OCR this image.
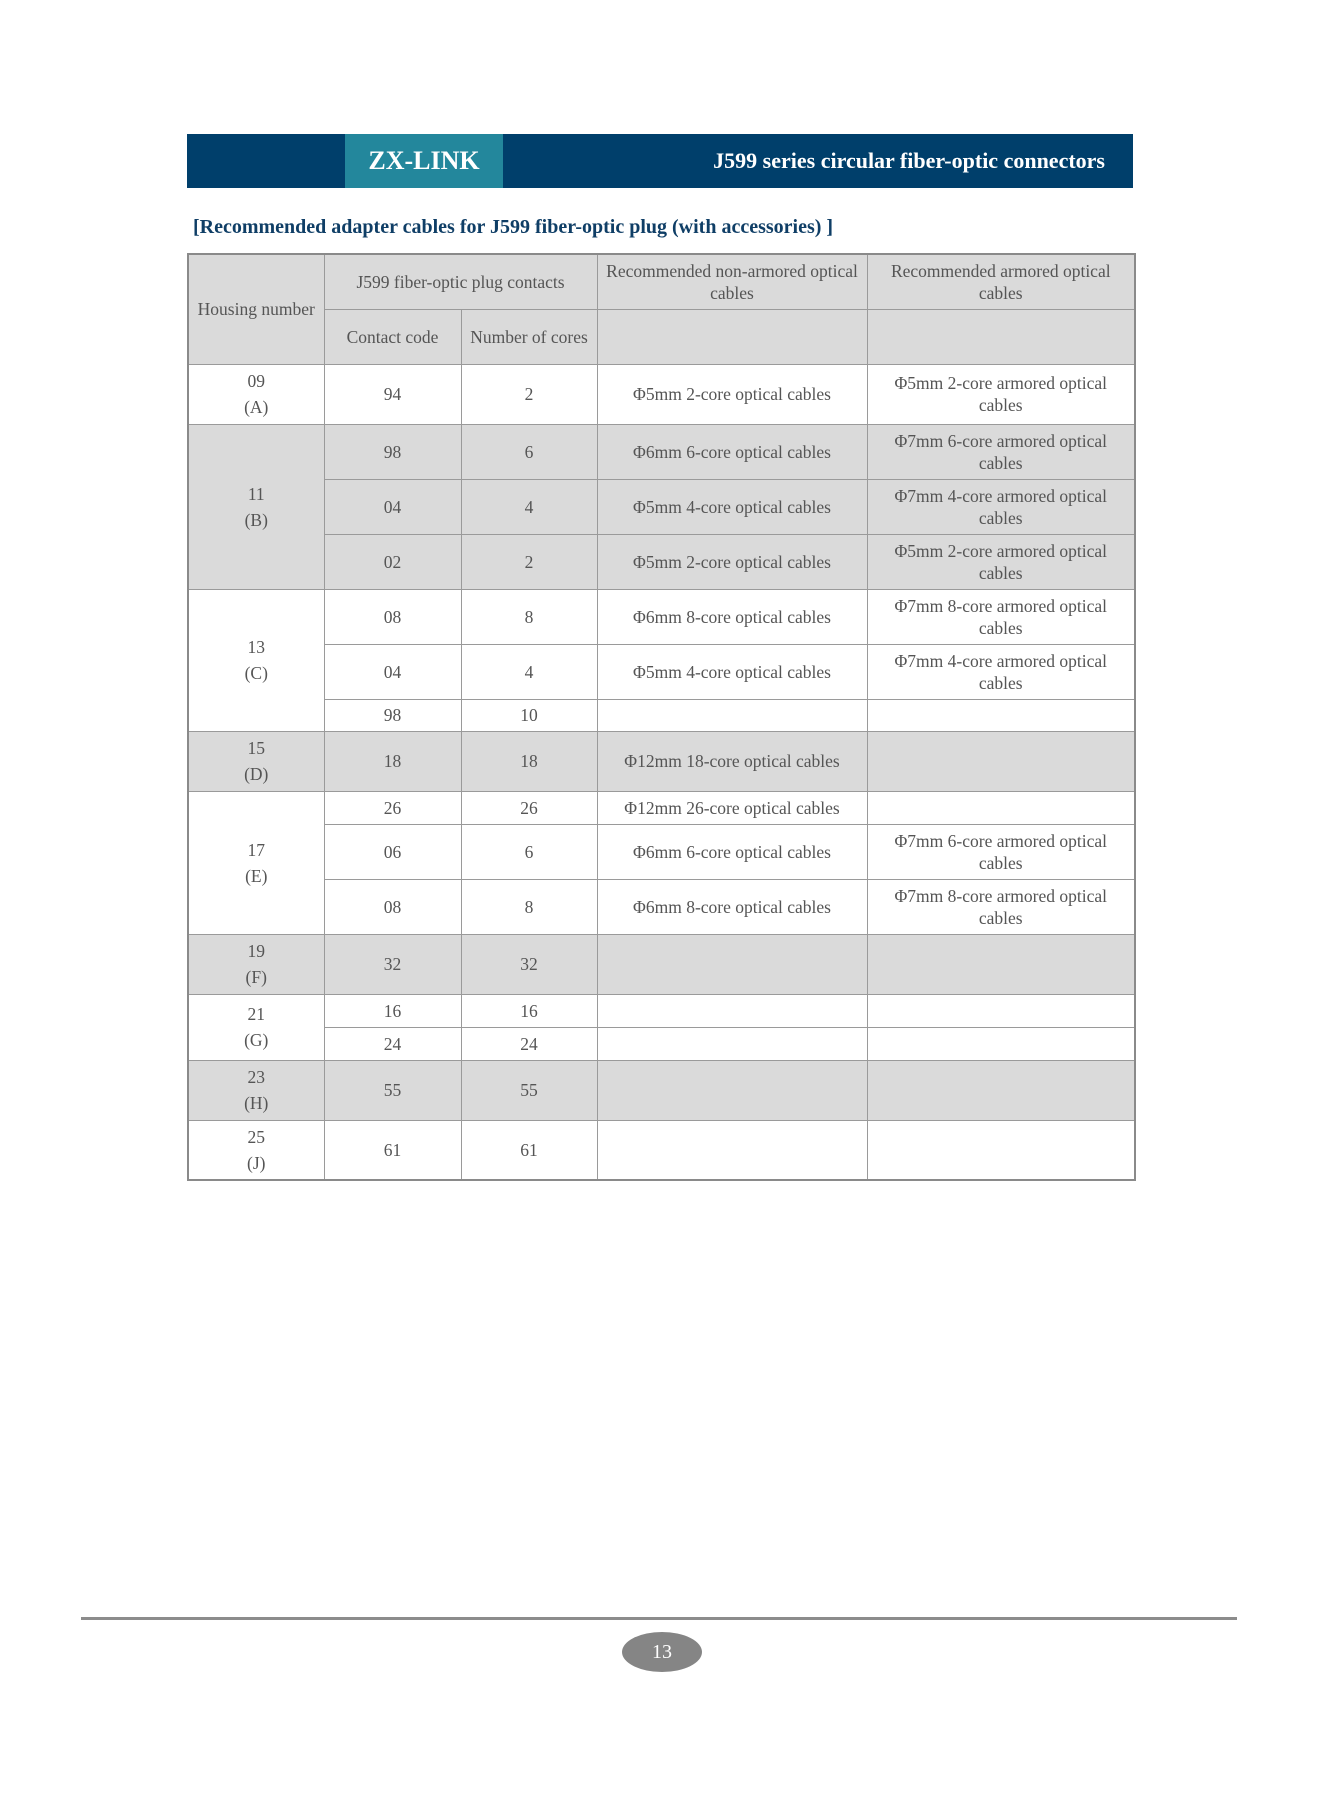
ZX-LINK	J599 series circular fiber-optic connectors
[Recommended adapter cables for J599 fiber-optic plug (with accessories) ]
Housing number	J599 fiber-optic plug contacts		Recommended non-armored optical cables	Recommended armored optical cables
	Contact code	Number of cores		
09
(A)	94	2	Φ5mm 2-core optical cables	Φ5mm 2-core armored optical cables
11
(B)	98	6	Φ6mm 6-core optical cables	Φ7mm 6-core armored optical cables
	04	4	Φ5mm 4-core optical cables	Φ7mm 4-core armored optical cables
	02	2	Φ5mm 2-core optical cables	Φ5mm 2-core armored optical cables
13
(C)	08	8	Φ6mm 8-core optical cables	Φ7mm 8-core armored optical cables
	04	4	Φ5mm 4-core optical cables	Φ7mm 4-core armored optical cables
	98	10		
15
(D)	18	18	Φ12mm 18-core optical cables	
17
(E)	26	26	Φ12mm 26-core optical cables	
	06	6	Φ6mm 6-core optical cables	Φ7mm 6-core armored optical cables
	08	8	Φ6mm 8-core optical cables	Φ7mm 8-core armored optical cables
19
(F)	32	32		
21
(G)	16	16		
	24	24		
23
(H)	55	55		
25
(J)	61	61		
13
